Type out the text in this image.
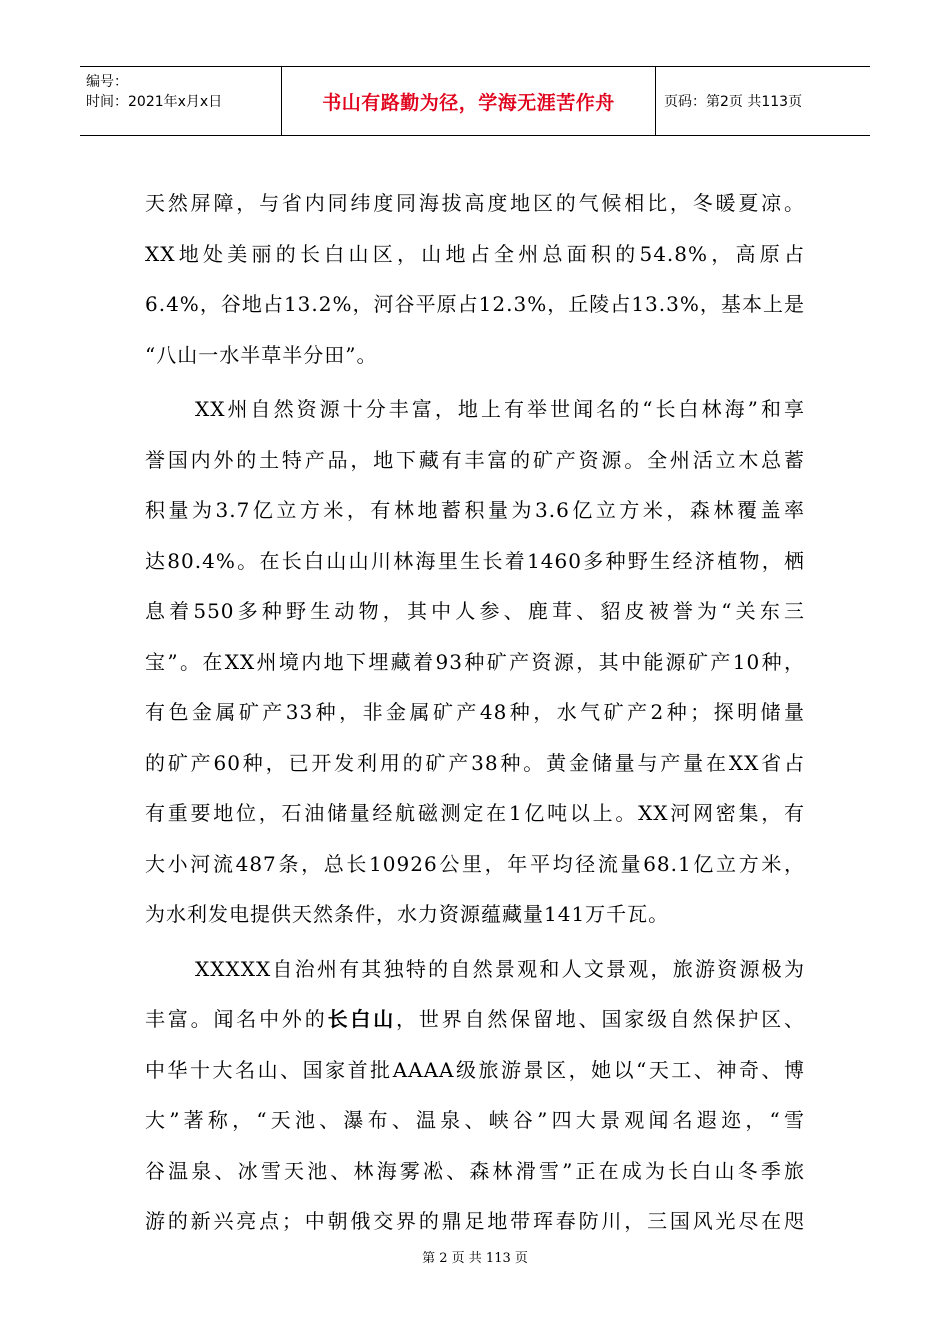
编号：
时间：2021年x月x日	书山有路勤为径，学海无涯苦作舟	页码：第2页 共113页
天然屏障，与省内同纬度同海拔高度地区的气候相比，冬暖夏凉。
XX地处美丽的长白山区，山地占全州总面积的54.8%，高原占
6.4%，谷地占13.2%，河谷平原占12.3%，丘陵占13.3%，基本上是
“八山一水半草半分田”。
XX州自然资源十分丰富，地上有举世闻名的“长白林海”和享
誉国内外的土特产品，地下藏有丰富的矿产资源。全州活立木总蓄
积量为3.7亿立方米，有林地蓄积量为3.6亿立方米，森林覆盖率
达80.4%。在长白山山川林海里生长着1460多种野生经济植物，栖
息着550多种野生动物，其中人参、鹿茸、貂皮被誉为“关东三
宝”。在XX州境内地下埋藏着93种矿产资源，其中能源矿产10种，
有色金属矿产33种，非金属矿产48种，水气矿产2种；探明储量
的矿产60种，已开发利用的矿产38种。黄金储量与产量在XX省占
有重要地位，石油储量经航磁测定在1亿吨以上。XX河网密集，有
大小河流487条，总长10926公里，年平均径流量68.1亿立方米，
为水利发电提供天然条件，水力资源蕴藏量141万千瓦。
XXXXX自治州有其独特的自然景观和人文景观，旅游资源极为
丰富。闻名中外的长白山，世界自然保留地、国家级自然保护区、
中华十大名山、国家首批AAAA级旅游景区，她以“天工、神奇、博
大”著称，“天池、瀑布、温泉、峡谷”四大景观闻名遐迩，“雪
谷温泉、冰雪天池、林海雾凇、森林滑雪”正在成为长白山冬季旅
游的新兴亮点；中朝俄交界的鼎足地带珲春防川，三国风光尽在咫
第 2 页 共 113 页
